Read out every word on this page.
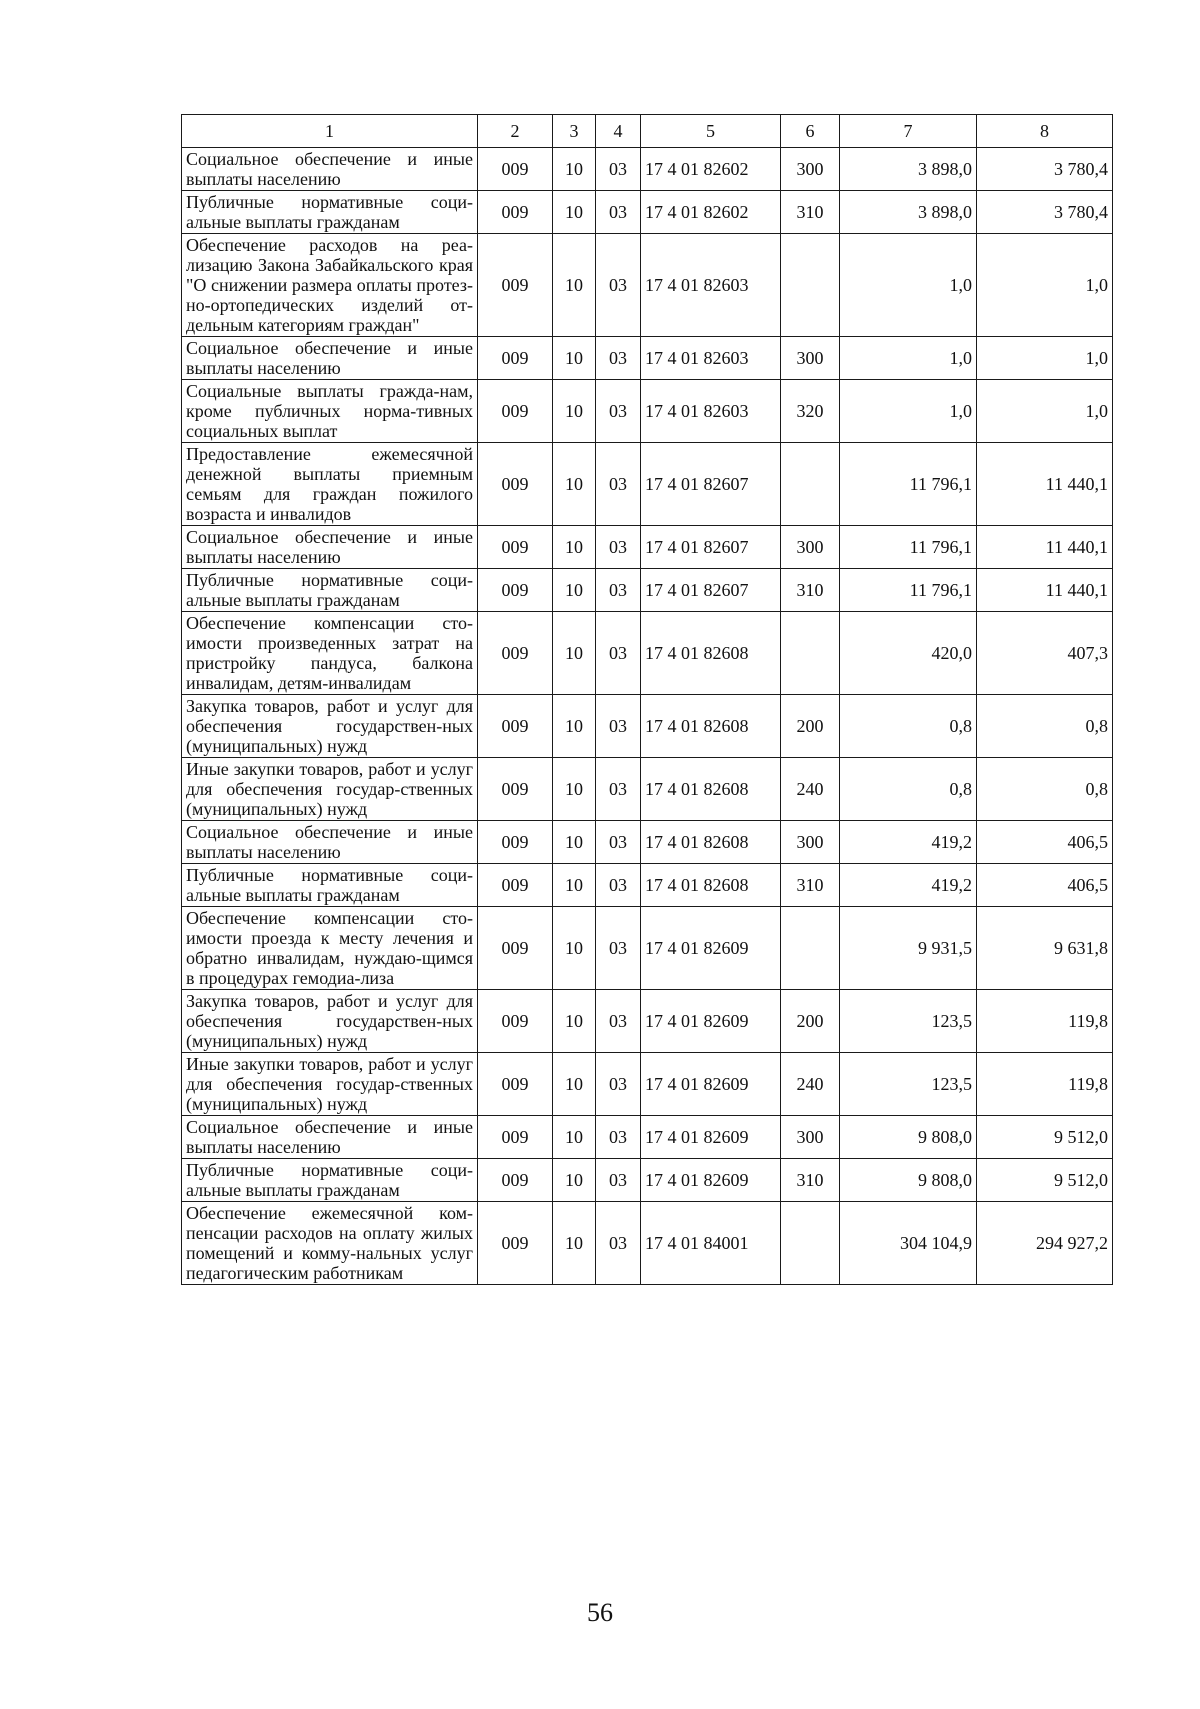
1	2	3	4	5	6	7	8
Социальное обеспечение и иные выплаты населению	009	10	03	17 4 01 82602	300	3 898,0	3 780,4
Публичные нормативные соци-альные выплаты гражданам	009	10	03	17 4 01 82602	310	3 898,0	3 780,4
Обеспечение расходов на реа-лизацию Закона Забайкальского края "О снижении размера оплаты протез-но-ортопедических изделий от-дельным категориям граждан"	009	10	03	17 4 01 82603		1,0	1,0
Социальное обеспечение и иные выплаты населению	009	10	03	17 4 01 82603	300	1,0	1,0
Социальные выплаты гражда-нам, кроме публичных норма-тивных социальных выплат	009	10	03	17 4 01 82603	320	1,0	1,0
Предоставление ежемесячной денежной выплаты приемным семьям для граждан пожилого возраста и инвалидов	009	10	03	17 4 01 82607		11 796,1	11 440,1
Социальное обеспечение и иные выплаты населению	009	10	03	17 4 01 82607	300	11 796,1	11 440,1
Публичные нормативные соци-альные выплаты гражданам	009	10	03	17 4 01 82607	310	11 796,1	11 440,1
Обеспечение компенсации сто-имости произведенных затрат на пристройку пандуса, балкона инвалидам, детям-инвалидам	009	10	03	17 4 01 82608		420,0	407,3
Закупка товаров, работ и услуг для обеспечения государствен-ных (муниципальных) нужд	009	10	03	17 4 01 82608	200	0,8	0,8
Иные закупки товаров, работ и услуг для обеспечения государ-ственных (муниципальных) нужд	009	10	03	17 4 01 82608	240	0,8	0,8
Социальное обеспечение и иные выплаты населению	009	10	03	17 4 01 82608	300	419,2	406,5
Публичные нормативные соци-альные выплаты гражданам	009	10	03	17 4 01 82608	310	419,2	406,5
Обеспечение компенсации сто-имости проезда к месту лечения и обратно инвалидам, нуждаю-щимся в процедурах гемодиа-лиза	009	10	03	17 4 01 82609		9 931,5	9 631,8
Закупка товаров, работ и услуг для обеспечения государствен-ных (муниципальных) нужд	009	10	03	17 4 01 82609	200	123,5	119,8
Иные закупки товаров, работ и услуг для обеспечения государ-ственных (муниципальных) нужд	009	10	03	17 4 01 82609	240	123,5	119,8
Социальное обеспечение и иные выплаты населению	009	10	03	17 4 01 82609	300	9 808,0	9 512,0
Публичные нормативные соци-альные выплаты гражданам	009	10	03	17 4 01 82609	310	9 808,0	9 512,0
Обеспечение ежемесячной ком-пенсации расходов на оплату жилых помещений и комму-нальных услуг педагогическим работникам	009	10	03	17 4 01 84001		304 104,9	294 927,2
56
